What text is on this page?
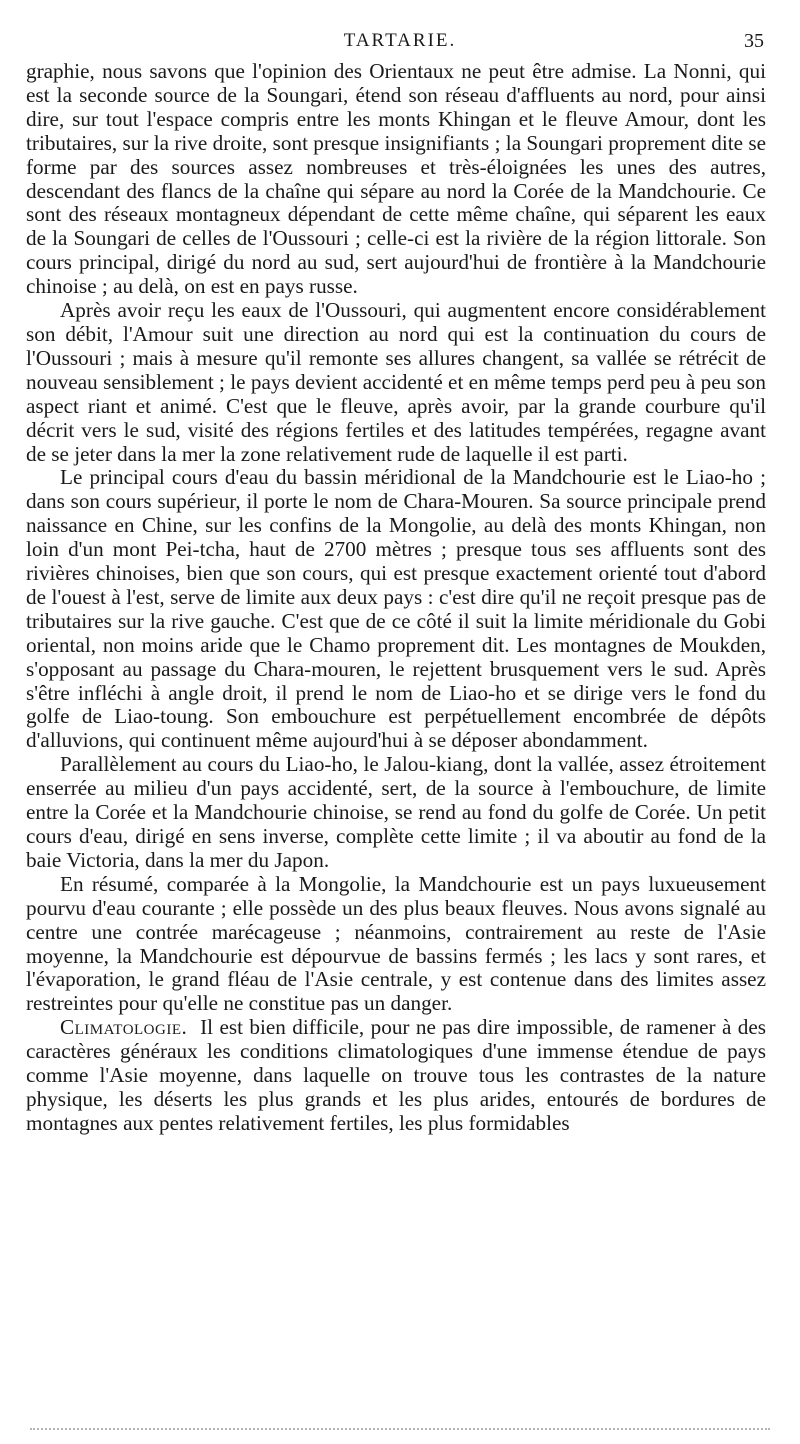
TARTARIE.	35

graphie, nous savons que l'opinion des Orientaux ne peut être admise. La Nonni, qui est la seconde source de la Soungari, étend son réseau d'affluents au nord, pour ainsi dire, sur tout l'espace compris entre les monts Khingan et le fleuve Amour, dont les tributaires, sur la rive droite, sont presque insignifiants ; la Soungari proprement dite se forme par des sources assez nombreuses et très-éloignées les unes des autres, descendant des flancs de la chaîne qui sépare au nord la Corée de la Mandchourie. Ce sont des réseaux montagneux dépendant de cette même chaîne, qui séparent les eaux de la Soungari de celles de l'Oussouri ; celle-ci est la rivière de la région littorale. Son cours principal, dirigé du nord au sud, sert aujourd'hui de frontière à la Mandchourie chinoise ; au delà, on est en pays russe.

Après avoir reçu les eaux de l'Oussouri, qui augmentent encore considérablement son débit, l'Amour suit une direction au nord qui est la continuation du cours de l'Oussouri ; mais à mesure qu'il remonte ses allures changent, sa vallée se rétrécit de nouveau sensiblement ; le pays devient accidenté et en même temps perd peu à peu son aspect riant et animé. C'est que le fleuve, après avoir, par la grande courbure qu'il décrit vers le sud, visité des régions fertiles et des latitudes tempérées, regagne avant de se jeter dans la mer la zone relativement rude de laquelle il est parti.

Le principal cours d'eau du bassin méridional de la Mandchourie est le Liao-ho ; dans son cours supérieur, il porte le nom de Chara-Mouren. Sa source principale prend naissance en Chine, sur les confins de la Mongolie, au delà des monts Khingan, non loin d'un mont Pei-tcha, haut de 2700 mètres ; presque tous ses affluents sont des rivières chinoises, bien que son cours, qui est presque exactement orienté tout d'abord de l'ouest à l'est, serve de limite aux deux pays : c'est dire qu'il ne reçoit presque pas de tributaires sur la rive gauche. C'est que de ce côté il suit la limite méridionale du Gobi oriental, non moins aride que le Chamo proprement dit. Les montagnes de Moukden, s'opposant au passage du Chara-mouren, le rejettent brusquement vers le sud. Après s'être infléchi à angle droit, il prend le nom de Liao-ho et se dirige vers le fond du golfe de Liao-toung. Son embouchure est perpétuellement encombrée de dépôts d'alluvions, qui continuent même aujourd'hui à se déposer abondamment.

Parallèlement au cours du Liao-ho, le Jalou-kiang, dont la vallée, assez étroitement enserrée au milieu d'un pays accidenté, sert, de la source à l'embouchure, de limite entre la Corée et la Mandchourie chinoise, se rend au fond du golfe de Corée. Un petit cours d'eau, dirigé en sens inverse, complète cette limite ; il va aboutir au fond de la baie Victoria, dans la mer du Japon.

En résumé, comparée à la Mongolie, la Mandchourie est un pays luxueusement pourvu d'eau courante ; elle possède un des plus beaux fleuves. Nous avons signalé au centre une contrée marécageuse ; néanmoins, contrairement au reste de l'Asie moyenne, la Mandchourie est dépourvue de bassins fermés ; les lacs y sont rares, et l'évaporation, le grand fléau de l'Asie centrale, y est contenue dans des limites assez restreintes pour qu'elle ne constitue pas un danger.

Climatologie. Il est bien difficile, pour ne pas dire impossible, de ramener à des caractères généraux les conditions climatologiques d'une immense étendue de pays comme l'Asie moyenne, dans laquelle on trouve tous les contrastes de la nature physique, les déserts les plus grands et les plus arides, entourés de bordures de montagnes aux pentes relativement fertiles, les plus formidables
